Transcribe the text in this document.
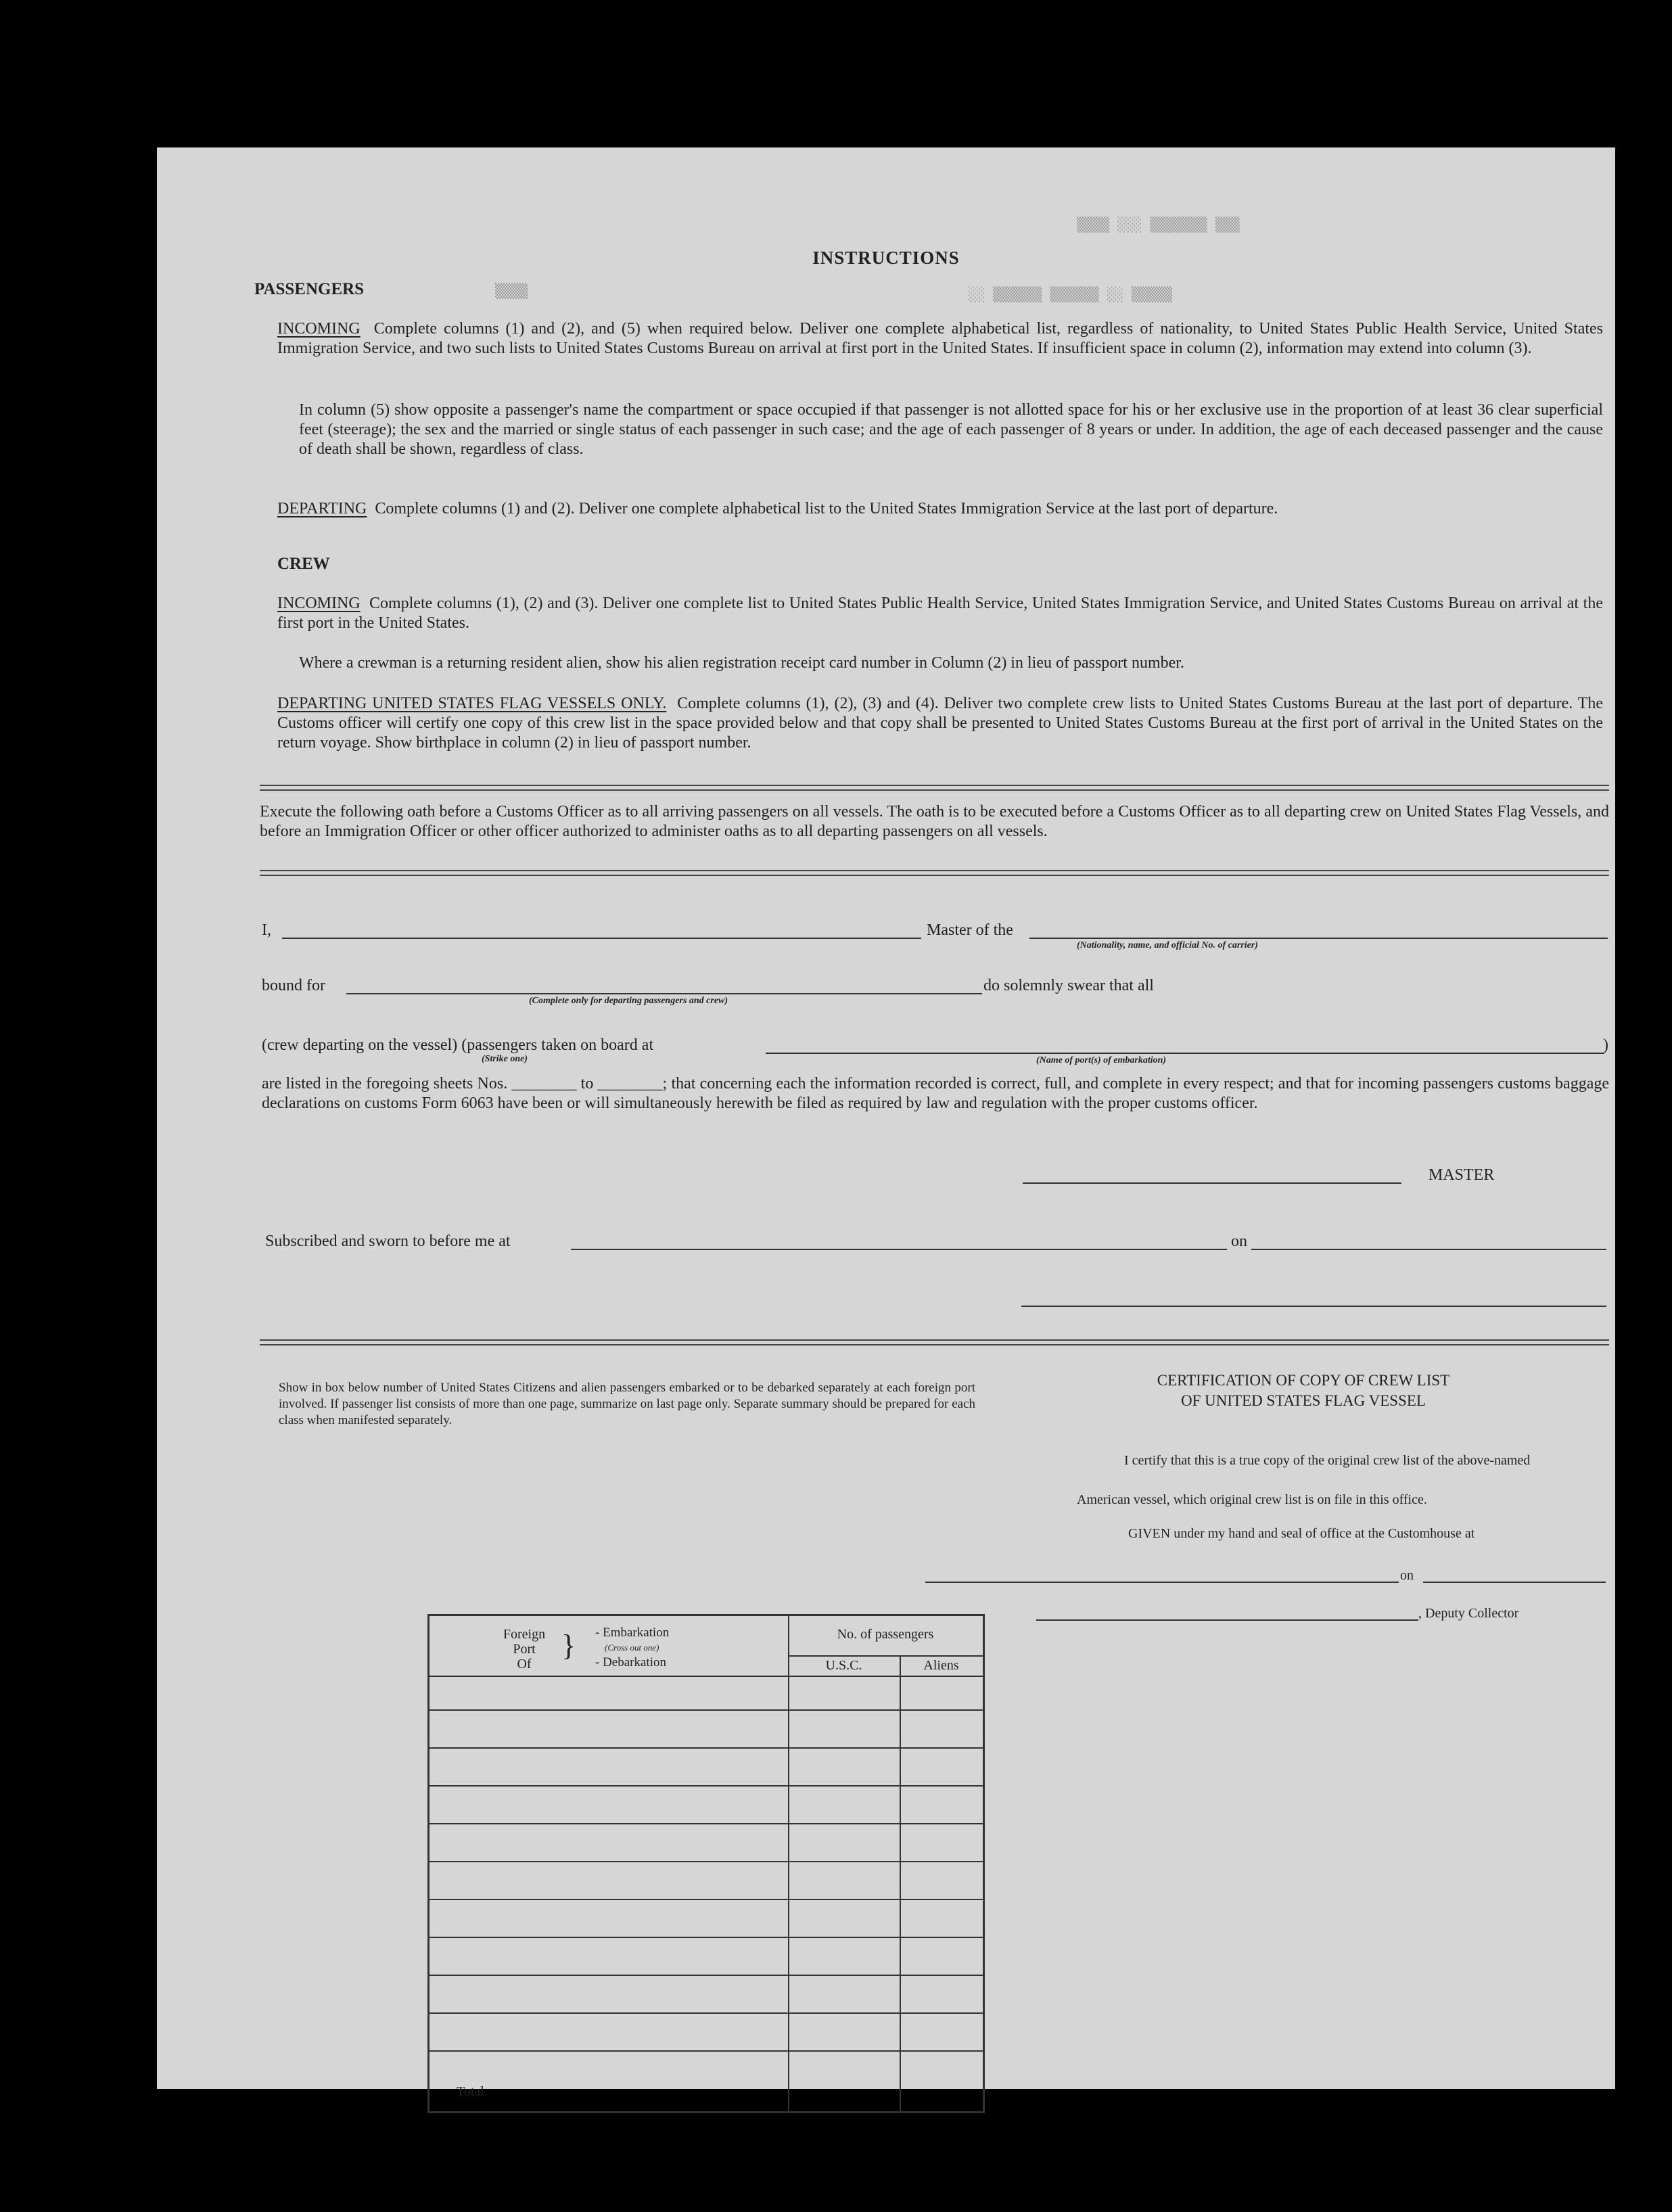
▒▒▒▒ ░░░ ▒▒▒▒▒▒▒ ▒▒▒
▒▒▒▒	░░ ▒▒▒▒▒▒ ▒▒▒▒▒▒ ░░ ▒▒▒▒▒
INSTRUCTIONS
PASSENGERS
INCOMING Complete columns (1) and (2), and (5) when required below. Deliver one complete alphabetical list, regardless of nationality, to United States Public Health Service, United States Immigration Service, and two such lists to United States Customs Bureau on arrival at first port in the United States. If insufficient space in column (2), information may extend into column (3).
In column (5) show opposite a passenger's name the compartment or space occupied if that passenger is not allotted space for his or her exclusive use in the proportion of at least 36 clear superficial feet (steerage); the sex and the married or single status of each passenger in such case; and the age of each passenger of 8 years or under. In addition, the age of each deceased passenger and the cause of death shall be shown, regardless of class.
DEPARTING Complete columns (1) and (2). Deliver one complete alphabetical list to the United States Immigration Service at the last port of departure.
CREW
INCOMING Complete columns (1), (2) and (3). Deliver one complete list to United States Public Health Service, United States Immigration Service, and United States Customs Bureau on arrival at the first port in the United States.
Where a crewman is a returning resident alien, show his alien registration receipt card number in Column (2) in lieu of passport number.
DEPARTING UNITED STATES FLAG VESSELS ONLY. Complete columns (1), (2), (3) and (4). Deliver two complete crew lists to United States Customs Bureau at the last port of departure. The Customs officer will certify one copy of this crew list in the space provided below and that copy shall be presented to United States Customs Bureau at the first port of arrival in the United States on the return voyage. Show birthplace in column (2) in lieu of passport number.
Execute the following oath before a Customs Officer as to all arriving passengers on all vessels. The oath is to be executed before a Customs Officer as to all departing crew on United States Flag Vessels, and before an Immigration Officer or other officer authorized to administer oaths as to all departing passengers on all vessels.
I,	Master of the
(Nationality, name, and official No. of carrier)
bound for
(Complete only for departing passengers and crew)
do solemnly swear that all
(crew departing on the vessel) (passengers taken on board at
(Strike one)
)
(Name of port(s) of embarkation)
are listed in the foregoing sheets Nos. ________ to ________; that concerning each the information recorded is correct, full, and complete in every respect; and that for incoming passengers customs baggage declarations on customs Form 6063 have been or will simultaneously herewith be filed as required by law and regulation with the proper customs officer.
MASTER
Subscribed and sworn to before me at	on
Show in box below number of United States Citizens and alien passengers embarked or to be debarked separately at each foreign port involved. If passenger list consists of more than one page, summarize on last page only. Separate summary should be prepared for each class when manifested separately.
Foreign
Port
Of
} - Embarkation
(Cross out one)
- Debarkation
No. of passengers
U.S.C.	Aliens
Total
CERTIFICATION OF COPY OF CREW LIST
OF UNITED STATES FLAG VESSEL
I certify that this is a true copy of the original crew list of the above-named
American vessel, which original crew list is on file in this office.
GIVEN under my hand and seal of office at the Customhouse at
on
, Deputy Collector
